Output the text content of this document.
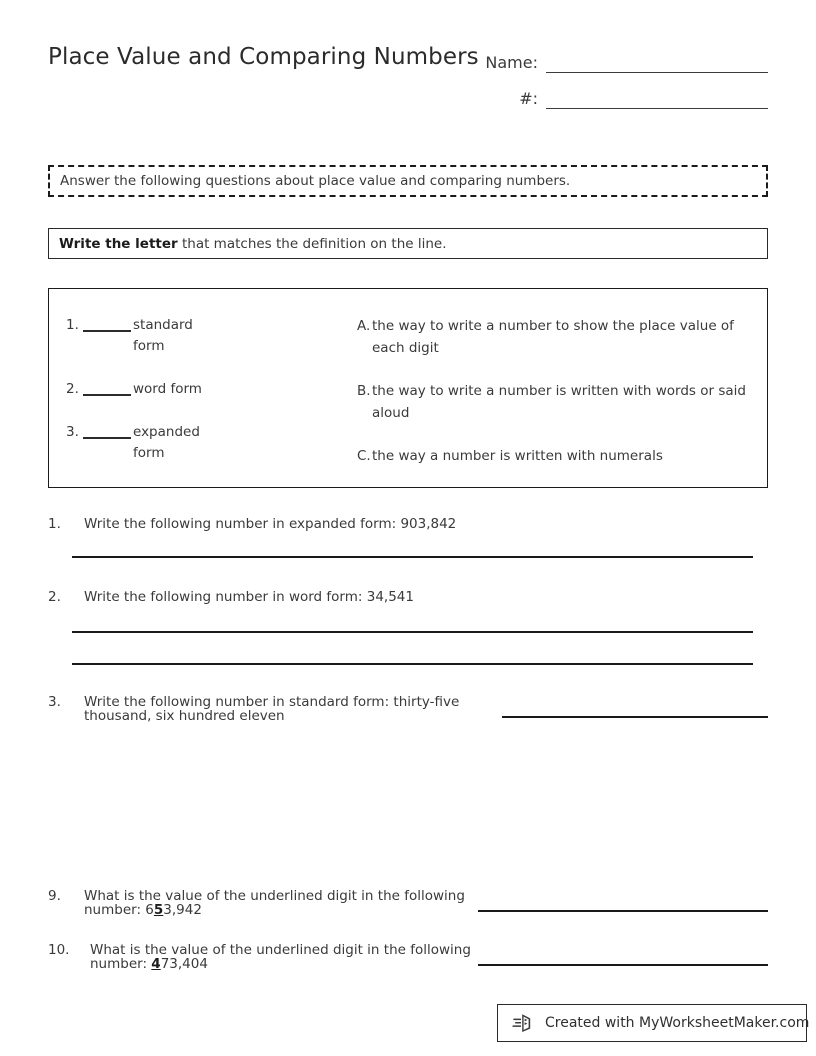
Place Value and Comparing Numbers Name:
#:
Answer the following questions about place value and comparing numbers.
Write the letter that matches the definition on the line.
1.	standard form
2.	word form
3.	expanded form
A. the way to write a number to show the place value of each digit
B. the way to write a number is written with words or said aloud
C. the way a number is written with numerals
1.	Write the following number in expanded form: 903,842
2.	Write the following number in word form: 34,541
3.	Write the following number in standard form: thirty-five thousand, six hundred eleven
9.	What is the value of the underlined digit in the following number: 653,942
10.	What is the value of the underlined digit in the following number: 473,404
Created with MyWorksheetMaker.com
